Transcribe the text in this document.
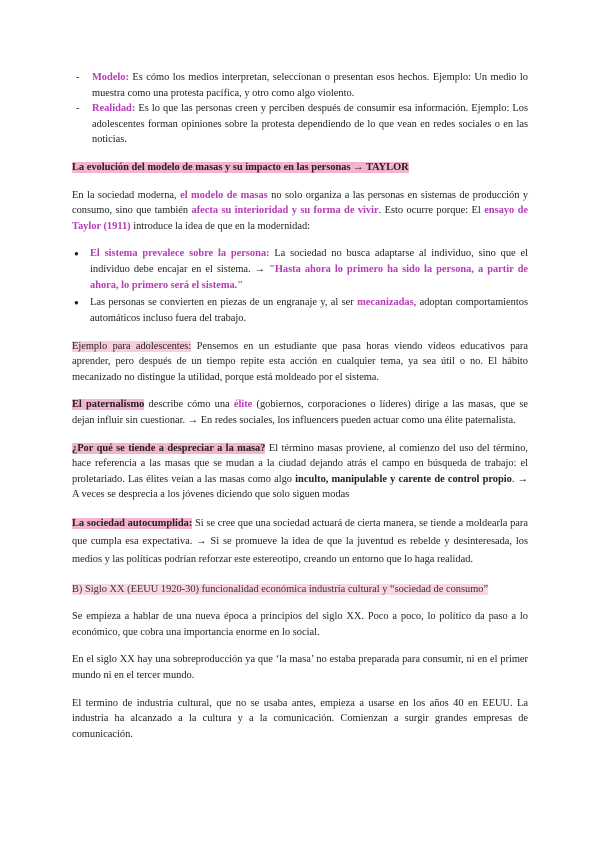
- Modelo: Es cómo los medios interpretan, seleccionan o presentan esos hechos. Ejemplo: Un medio lo muestra como una protesta pacífica, y otro como algo violento.
- Realidad: Es lo que las personas creen y perciben después de consumir esa información. Ejemplo: Los adolescentes forman opiniones sobre la protesta dependiendo de lo que vean en redes sociales o en las noticias.

La evolución del modelo de masas y su impacto en las personas → TAYLOR

En la sociedad moderna, el modelo de masas no solo organiza a las personas en sistemas de producción y consumo, sino que también afecta su interioridad y su forma de vivir. Esto ocurre porque: El ensayo de Taylor (1911) introduce la idea de que en la modernidad:

● El sistema prevalece sobre la persona: La sociedad no busca adaptarse al individuo, sino que el individuo debe encajar en el sistema. → "Hasta ahora lo primero ha sido la persona, a partir de ahora, lo primero será el sistema."
● Las personas se convierten en piezas de un engranaje y, al ser mecanizadas, adoptan comportamientos automáticos incluso fuera del trabajo.

Ejemplo para adolescentes: Pensemos en un estudiante que pasa horas viendo videos educativos para aprender, pero después de un tiempo repite esta acción en cualquier tema, ya sea útil o no. El hábito mecanizado no distingue la utilidad, porque está moldeado por el sistema.

El paternalismo describe cómo una élite (gobiernos, corporaciones o líderes) dirige a las masas, que se dejan influir sin cuestionar. → En redes sociales, los influencers pueden actuar como una élite paternalista.

¿Por qué se tiende a despreciar a la masa? El término masas proviene, al comienzo del uso del término, hace referencia a las masas que se mudan a la ciudad dejando atrás el campo en búsqueda de trabajo: el proletariado. Las élites veían a las masas como algo inculto, manipulable y carente de control propio. → A veces se desprecia a los jóvenes diciendo que solo siguen modas

La sociedad autocumplida: Si se cree que una sociedad actuará de cierta manera, se tiende a moldearla para que cumpla esa expectativa. → Si se promueve la idea de que la juventud es rebelde y desinteresada, los medios y las políticas podrían reforzar este estereotipo, creando un entorno que lo haga realidad.

B) Siglo XX (EEUU 1920-30) funcionalidad económica industria cultural y “sociedad de consumo”

Se empieza a hablar de una nueva época a principios del siglo XX. Poco a poco, lo político da paso a lo económico, que cobra una importancia enorme en lo social.

En el siglo XX hay una sobreproducción ya que ‘la masa’ no estaba preparada para consumir, ni en el primer mundo ni en el tercer mundo.

El termino de industria cultural, que no se usaba antes, empieza a usarse en los años 40 en EEUU. La industria ha alcanzado a la cultura y a la comunicación. Comienzan a surgir grandes empresas de comunicación.
